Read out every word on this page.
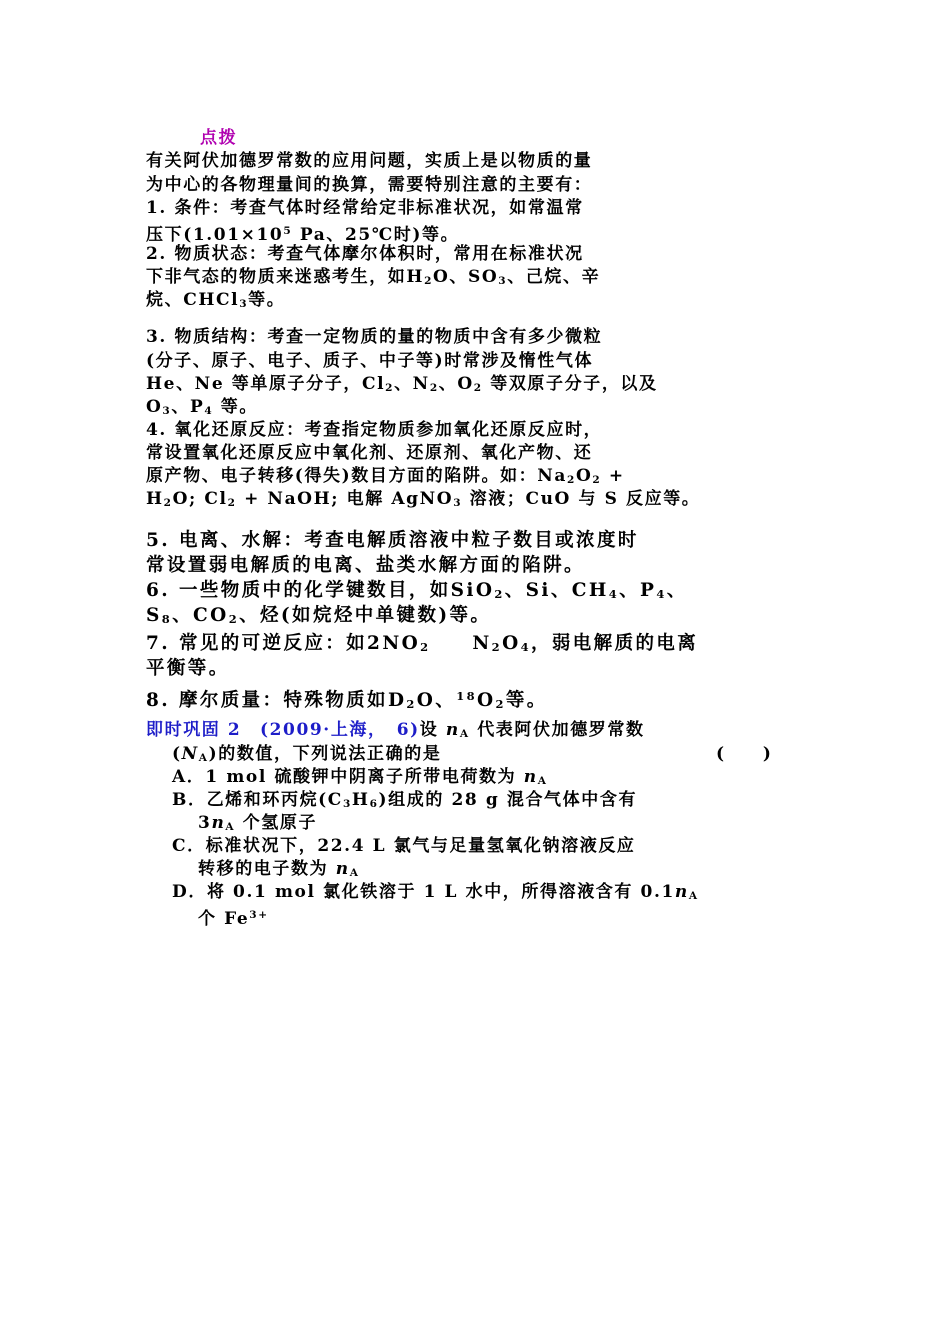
点拨
有关阿伏加德罗常数的应用问题，实质上是以物质的量
为中心的各物理量间的换算，需要特别注意的主要有：
1. 条件：考查气体时经常给定非标准状况，如常温常
压下($1.01\times 10^5$ Pa、25℃时)等。
2. 物质状态：考查气体摩尔体积时，常用在标准状况
下非气态的物质来迷惑考生，如$H_2O$、$SO_3$、己烷、辛
烷、CHCl$_3$等。
3. 物质结构：考查一定物质的量的物质中含有多少微粒
(分子、原子、电子、质子、中子等)时常涉及惰性气体
He、Ne 等单原子分子，$Cl_2$、$N_2$、$O_2$ 等双原子分子，以及
$O_3$、$P_4$ 等。
4. 氧化还原反应：考查指定物质参加氧化还原反应时，
常设置氧化还原反应中氧化剂、还原剂、氧化产物、还
原产物、电子转移(得失)数目方面的陷阱。如：$Na_2O_2$ +
$H_2O$; $Cl_2$ + NaOH; 电解 AgNO$_3$ 溶液；CuO 与 S 反应等。
5. 电离、水解：考查电解质溶液中粒子数目或浓度时
常设置弱电解质的电离、盐类水解方面的陷阱。
6. 一些物质中的化学键数目，如SiO$_2$、Si、$CH_4$、$P_4$、
$S_8$、$CO_2$、烃(如烷烃中单键数)等。
7. 常见的可逆反应：如$2NO_2$　　$N_2O_4$，弱电解质的电离
平衡等。
8. 摩尔质量：特殊物质如$D_2O$、$^{18}O_2$等。
即时巩固 2　(2009·上海，　6)设 $n_A$ 代表阿伏加德罗常数
$(N_A)$的数值，下列说法正确的是	(　　)
A．1 mol 硫酸钾中阴离子所带电荷数为 $n_A$
B．乙烯和环丙烷$(C_3H_6)$组成的 28 g 混合气体中含有
$3n_A$ 个氢原子
C．标准状况下，22.4 L 氯气与足量氢氧化钠溶液反应
转移的电子数为 $n_A$
D．将 0.1 mol 氯化铁溶于 1 L 水中，所得溶液含有 $0.1n_A$
个 $Fe^{3+}$
